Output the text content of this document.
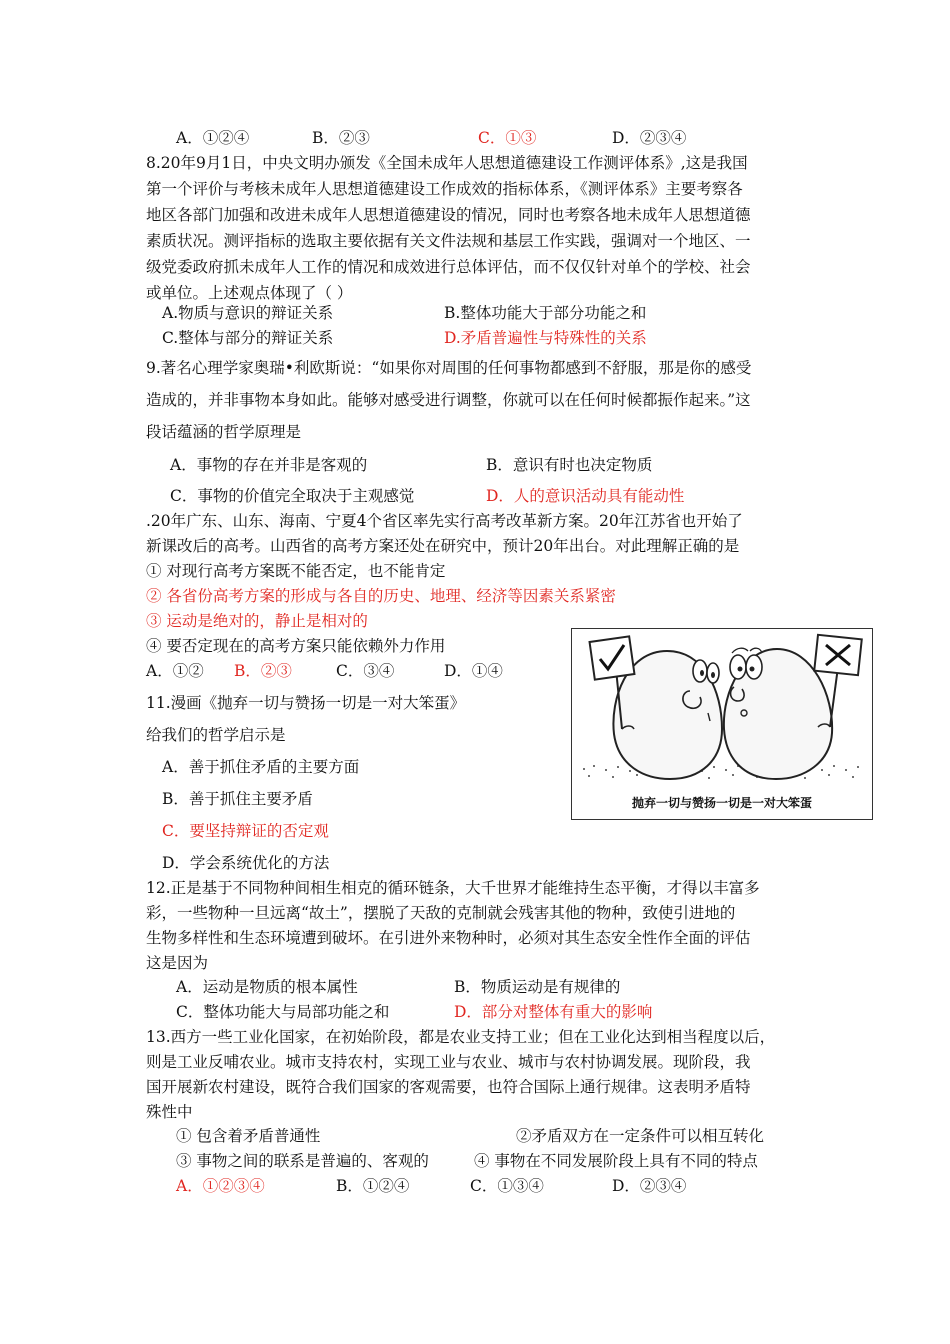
A．①②④	B．②③	C．①③	D．②③④
8.20年9月1日，中央文明办颁发《全国未成年人思想道德建设工作测评体系》,这是我国
第一个评价与考核未成年人思想道德建设工作成效的指标体系，《测评体系》主要考察各
地区各部门加强和改进未成年人思想道德建设的情况，同时也考察各地未成年人思想道德
素质状况。测评指标的选取主要依据有关文件法规和基层工作实践，强调对一个地区、一
级党委政府抓未成年人工作的情况和成效进行总体评估，而不仅仅针对单个的学校、社会
或单位。上述观点体现了（ ）
A.物质与意识的辩证关系	B.整体功能大于部分功能之和
C.整体与部分的辩证关系	D.矛盾普遍性与特殊性的关系
9.著名心理学家奥瑞•利欧斯说：“如果你对周围的任何事物都感到不舒服，那是你的感受
造成的，并非事物本身如此。能够对感受进行调整，你就可以在任何时候都振作起来。”这
段话蕴涵的哲学原理是
A．事物的存在并非是客观的	B．意识有时也决定物质
C．事物的价值完全取决于主观感觉	D．人的意识活动具有能动性
.20年广东、山东、海南、宁夏4个省区率先实行高考改革新方案。20年江苏省也开始了
新课改后的高考。山西省的高考方案还处在研究中，预计20年出台。对此理解正确的是
① 对现行高考方案既不能否定，也不能肯定
② 各省份高考方案的形成与各自的历史、地理、经济等因素关系紧密
③ 运动是绝对的，静止是相对的
④ 要否定现在的高考方案只能依赖外力作用
A．①② B．②③	C．③④	D．①④
11.漫画《抛弃一切与赞扬一切是一对大笨蛋》
给我们的哲学启示是
A．善于抓住矛盾的主要方面
B．善于抓住主要矛盾
C．要坚持辩证的否定观
D．学会系统优化的方法
抛弃一切与赞扬一切是一对大笨蛋
12.正是基于不同物种间相生相克的循环链条，大千世界才能维持生态平衡，才得以丰富多
彩，一些物种一旦远离“故土”，摆脱了天敌的克制就会残害其他的物种，致使引进地的
生物多样性和生态环境遭到破坏。在引进外来物种时，必须对其生态安全性作全面的评估
这是因为
A．运动是物质的根本属性	B．物质运动是有规律的
C．整体功能大与局部功能之和	D．部分对整体有重大的影响
13.西方一些工业化国家，在初始阶段，都是农业支持工业；但在工业化达到相当程度以后，
则是工业反哺农业。城市支持农村，实现工业与农业、城市与农村协调发展。现阶段，我
国开展新农村建设，既符合我们国家的客观需要，也符合国际上通行规律。这表明矛盾特
殊性中
① 包含着矛盾普通性	②矛盾双方在一定条件可以相互转化
③ 事物之间的联系是普遍的、客观的	④ 事物在不同发展阶段上具有不同的特点
A．①②③④	B．①②④	C．①③④	D．②③④
